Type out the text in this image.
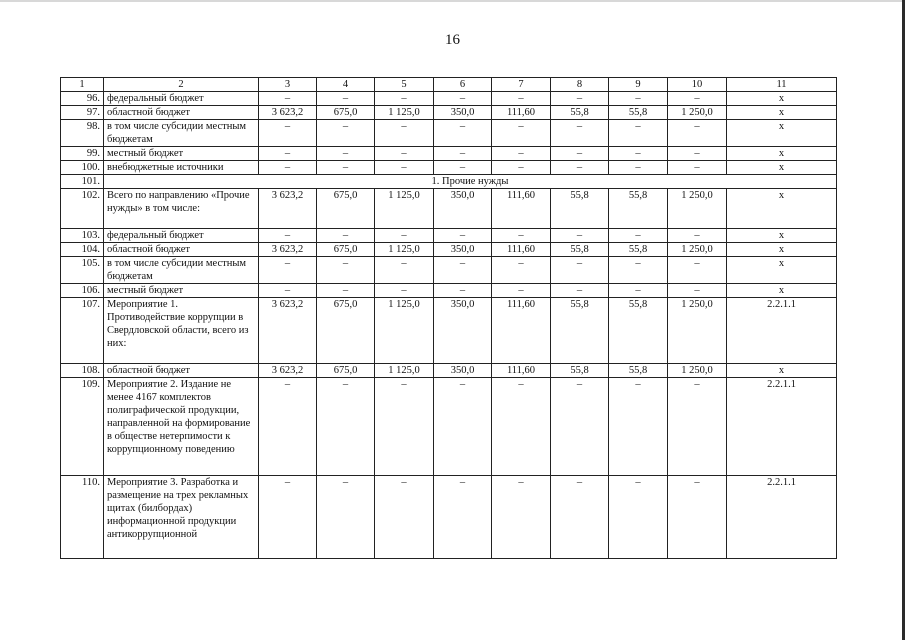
16
1	2	3	4	5	6	7	8	9	10	11
96.	федеральный бюджет	–	–	–	–	–	–	–	–	х
97.	областной бюджет	3 623,2	675,0	1 125,0	350,0	111,60	55,8	55,8	1 250,0	х
98.	в том числе субсидии местным бюджетам	–	–	–	–	–	–	–	–	х
99.	местный бюджет	–	–	–	–	–	–	–	–	х
100.	внебюджетные источники	–	–	–	–	–	–	–	–	х
101.	1. Прочие нужды									
102.	Всего по направлению «Прочие нужды» в том числе:	3 623,2	675,0	1 125,0	350,0	111,60	55,8	55,8	1 250,0	х
103.	федеральный бюджет	–	–	–	–	–	–	–	–	х
104.	областной бюджет	3 623,2	675,0	1 125,0	350,0	111,60	55,8	55,8	1 250,0	х
105.	в том числе субсидии местным бюджетам	–	–	–	–	–	–	–	–	х
106.	местный бюджет	–	–	–	–	–	–	–	–	х
107.	Мероприятие 1. Противодействие коррупции в Свердловской области, всего из них:	3 623,2	675,0	1 125,0	350,0	111,60	55,8	55,8	1 250,0	2.2.1.1
108.	областной бюджет	3 623,2	675,0	1 125,0	350,0	111,60	55,8	55,8	1 250,0	х
109.	Мероприятие 2. Издание не менее 4167 комплектов полиграфической продукции, направленной на формирование в обществе нетерпимости к коррупционному поведению	–	–	–	–	–	–	–	–	2.2.1.1
110.	Мероприятие 3. Разработка и размещение на трех рекламных щитах (билбордах) информационной продукции антикоррупционной	–	–	–	–	–	–	–	–	2.2.1.1
